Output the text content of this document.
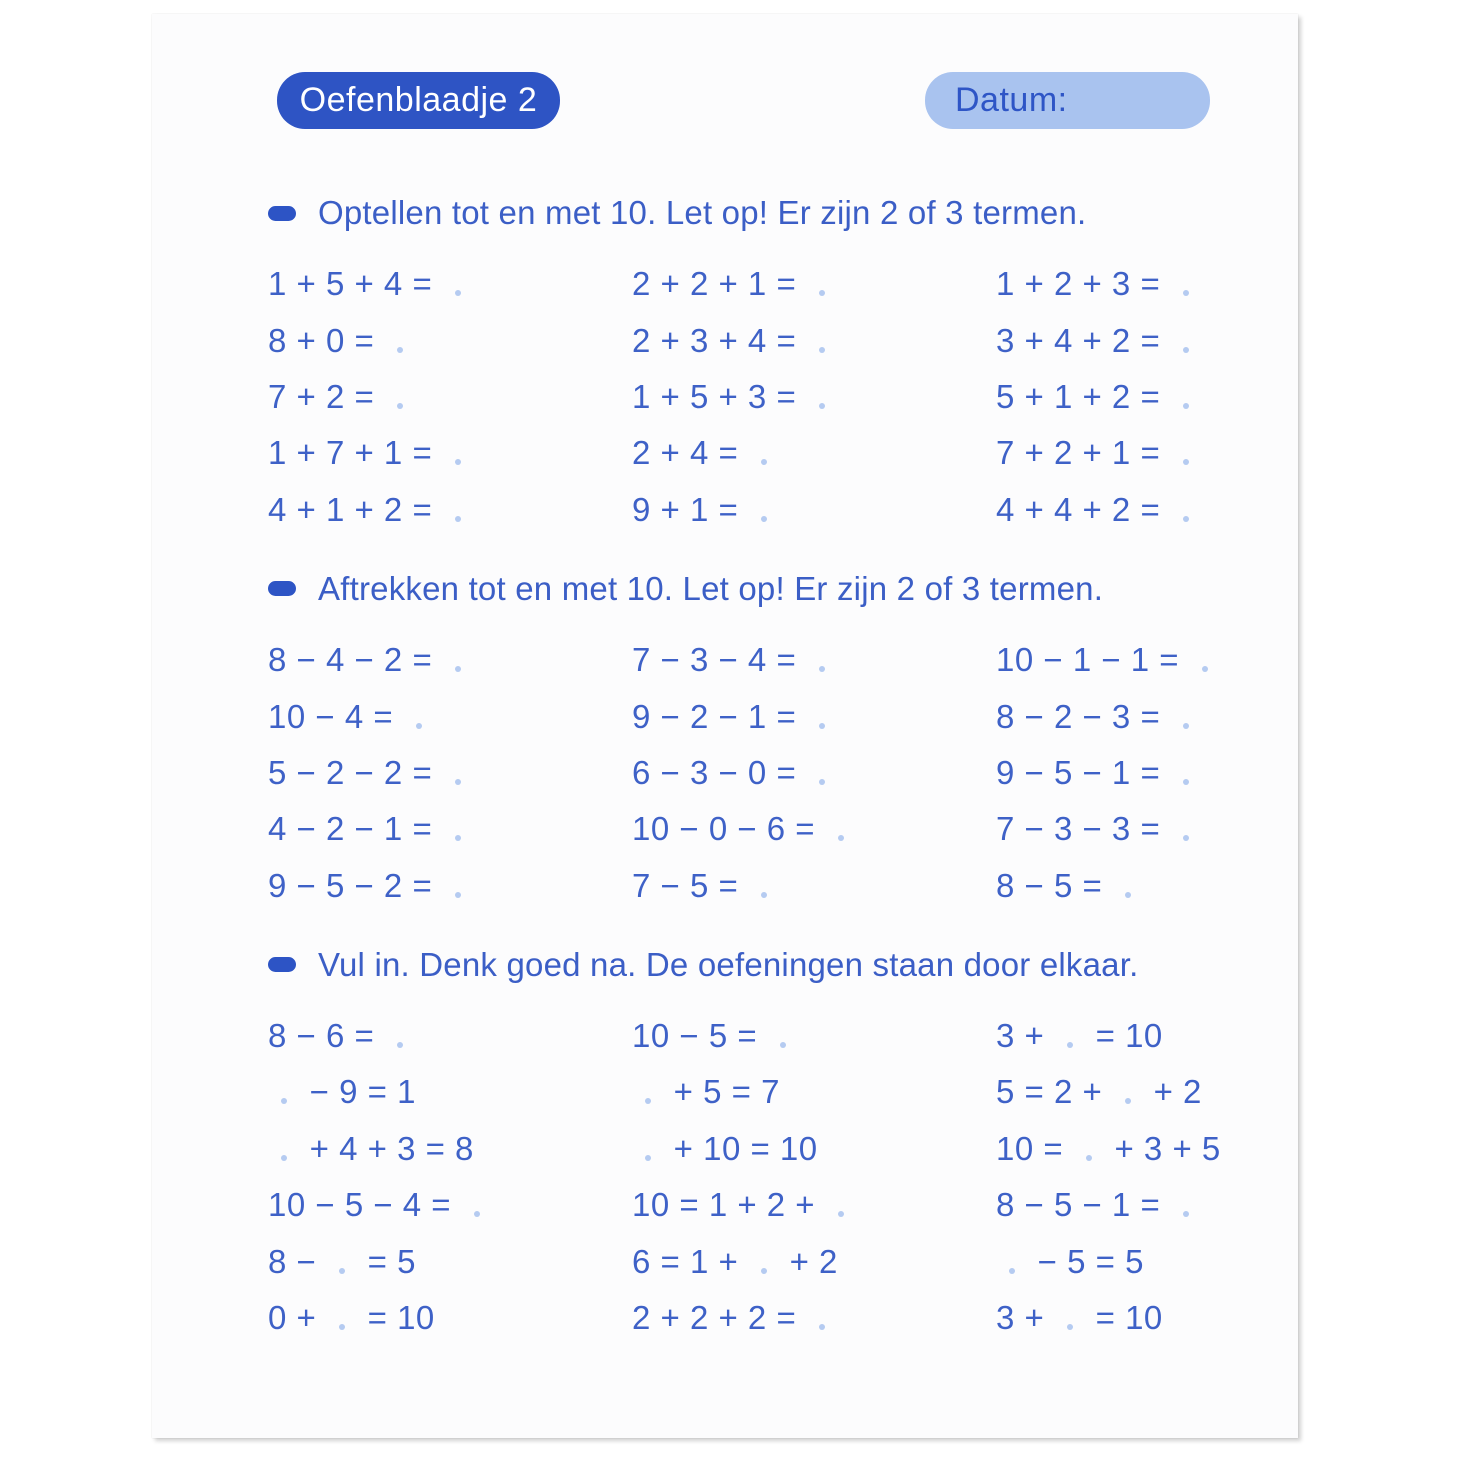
Oefenblaadje 2	Datum:
Optellen tot en met 10. Let op! Er zijn 2 of 3 termen.
1 + 5 + 4 =
8 + 0 =
7 + 2 =
1 + 7 + 1 =
4 + 1 + 2 =
2 + 2 + 1 =
2 + 3 + 4 =
1 + 5 + 3 =
2 + 4 =
9 + 1 =
1 + 2 + 3 =
3 + 4 + 2 =
5 + 1 + 2 =
7 + 2 + 1 =
4 + 4 + 2 =
Aftrekken tot en met 10. Let op! Er zijn 2 of 3 termen.
8 − 4 − 2 =
10 − 4 =
5 − 2 − 2 =
4 − 2 − 1 =
9 − 5 − 2 =
7 − 3 − 4 =
9 − 2 − 1 =
6 − 3 − 0 =
10 − 0 − 6 =
7 − 5 =
10 − 1 − 1 =
8 − 2 − 3 =
9 − 5 − 1 =
7 − 3 − 3 =
8 − 5 =
Vul in. Denk goed na. De oefeningen staan door elkaar.
8 − 6 =
− 9 = 1
+ 4 + 3 = 8
10 − 5 − 4 =
8 −
= 5
0 +
= 10
10 − 5 =
+ 5 = 7
+ 10 = 10
10 = 1 + 2 +
6 = 1 +
+ 2
2 + 2 + 2 =
3 +
= 10
5 = 2 +
+ 2
10 =
+ 3 + 5
8 − 5 − 1 =
− 5 = 5
3 +
= 10
